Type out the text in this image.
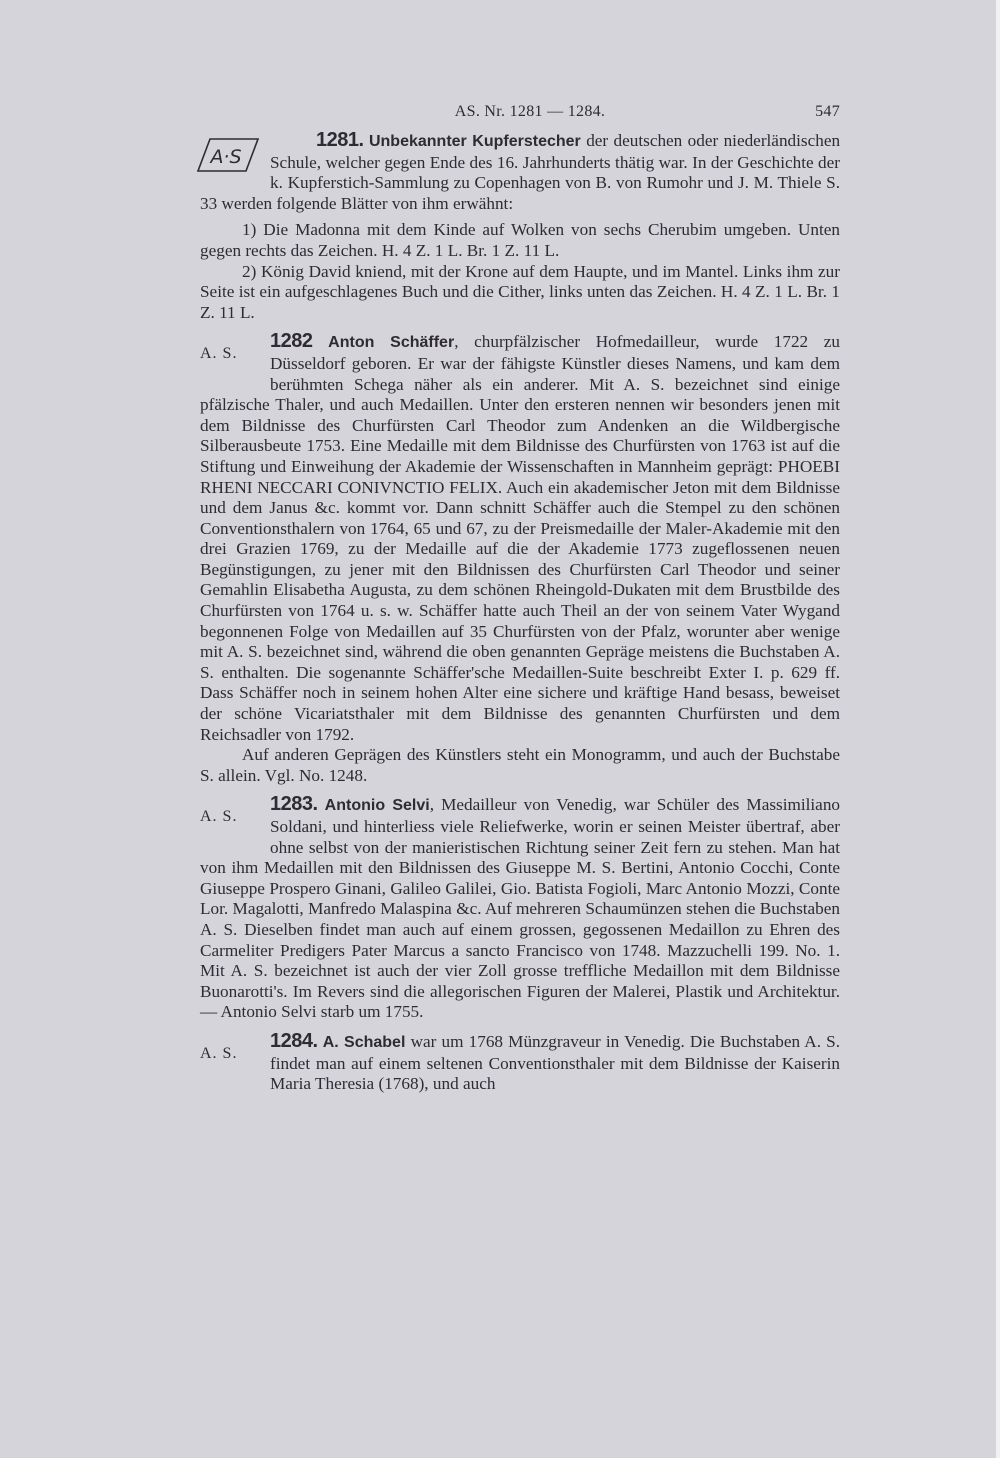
AS. Nr. 1281 — 1284.	547

A·S
1281. Unbekannter Kupferstecher der deutschen oder niederländischen Schule, welcher gegen Ende des 16. Jahrhunderts thätig war. In der Geschichte der k. Kupferstich-Sammlung zu Copenhagen von B. von Rumohr und J. M. Thiele S. 33 werden folgende Blätter von ihm erwähnt:

1) Die Madonna mit dem Kinde auf Wolken von sechs Cherubim umgeben. Unten gegen rechts das Zeichen. H. 4 Z. 1 L. Br. 1 Z. 11 L.

2) König David kniend, mit der Krone auf dem Haupte, und im Mantel. Links ihm zur Seite ist ein aufgeschlagenes Buch und die Cither, links unten das Zeichen. H. 4 Z. 1 L. Br. 1 Z. 11 L.

A. S.
1282 Anton Schäffer, churpfälzischer Hofmedailleur, wurde 1722 zu Düsseldorf geboren. Er war der fähigste Künstler dieses Namens, und kam dem berühmten Schega näher als ein anderer. Mit A. S. bezeichnet sind einige pfälzische Thaler, und auch Medaillen. Unter den ersteren nennen wir besonders jenen mit dem Bildnisse des Churfürsten Carl Theodor zum Andenken an die Wildbergische Silberausbeute 1753. Eine Medaille mit dem Bildnisse des Churfürsten von 1763 ist auf die Stiftung und Einweihung der Akademie der Wissenschaften in Mannheim geprägt: PHOEBI RHENI NECCARI CONIVNCTIO FELIX. Auch ein akademischer Jeton mit dem Bildnisse und dem Janus &c. kommt vor. Dann schnitt Schäffer auch die Stempel zu den schönen Conventionsthalern von 1764, 65 und 67, zu der Preismedaille der Maler-Akademie mit den drei Grazien 1769, zu der Medaille auf die der Akademie 1773 zugeflossenen neuen Begünstigungen, zu jener mit den Bildnissen des Churfürsten Carl Theodor und seiner Gemahlin Elisabetha Augusta, zu dem schönen Rheingold-Dukaten mit dem Brustbilde des Churfürsten von 1764 u. s. w. Schäffer hatte auch Theil an der von seinem Vater Wygand begonnenen Folge von Medaillen auf 35 Churfürsten von der Pfalz, worunter aber wenige mit A. S. bezeichnet sind, während die oben genannten Gepräge meistens die Buchstaben A. S. enthalten. Die sogenannte Schäffer'sche Medaillen-Suite beschreibt Exter I. p. 629 ff. Dass Schäffer noch in seinem hohen Alter eine sichere und kräftige Hand besass, beweiset der schöne Vicariatsthaler mit dem Bildnisse des genannten Churfürsten und dem Reichsadler von 1792.

Auf anderen Geprägen des Künstlers steht ein Monogramm, und auch der Buchstabe S. allein. Vgl. No. 1248.

A. S.
1283. Antonio Selvi, Medailleur von Venedig, war Schüler des Massimiliano Soldani, und hinterliess viele Reliefwerke, worin er seinen Meister übertraf, aber ohne selbst von der manieristischen Richtung seiner Zeit fern zu stehen. Man hat von ihm Medaillen mit den Bildnissen des Giuseppe M. S. Bertini, Antonio Cocchi, Conte Giuseppe Prospero Ginani, Galileo Galilei, Gio. Batista Fogioli, Marc Antonio Mozzi, Conte Lor. Magalotti, Manfredo Malaspina &c. Auf mehreren Schaumünzen stehen die Buchstaben A. S. Dieselben findet man auch auf einem grossen, gegossenen Medaillon zu Ehren des Carmeliter Predigers Pater Marcus a sancto Francisco von 1748. Mazzuchelli 199. No. 1. Mit A. S. bezeichnet ist auch der vier Zoll grosse treffliche Medaillon mit dem Bildnisse Buonarotti's. Im Revers sind die allegorischen Figuren der Malerei, Plastik und Architektur. — Antonio Selvi starb um 1755.

A. S.
1284. A. Schabel war um 1768 Münzgraveur in Venedig. Die Buchstaben A. S. findet man auf einem seltenen Conventionsthaler mit dem Bildnisse der Kaiserin Maria Theresia (1768), und auch
